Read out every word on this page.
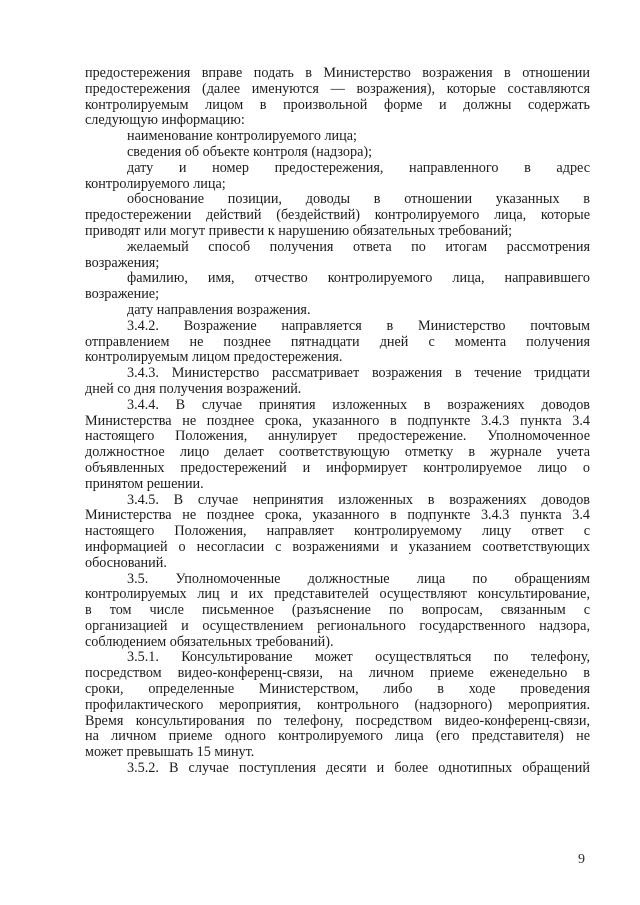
предостережения вправе подать в Министерство возражения в отношении
предостережения (далее именуются — возражения), которые составляются
контролируемым лицом в произвольной форме и должны содержать
следующую информацию:
наименование контролируемого лица;
сведения об объекте контроля (надзора);
дату и номер предостережения, направленного в адрес
контролируемого лица;
обоснование позиции, доводы в отношении указанных в
предостережении действий (бездействий) контролируемого лица, которые
приводят или могут привести к нарушению обязательных требований;
желаемый способ получения ответа по итогам рассмотрения
возражения;
фамилию, имя, отчество контролируемого лица, направившего
возражение;
дату направления возражения.
3.4.2. Возражение направляется в Министерство почтовым
отправлением не позднее пятнадцати дней с момента получения
контролируемым лицом предостережения.
3.4.3. Министерство рассматривает возражения в течение тридцати
дней со дня получения возражений.
3.4.4. В случае принятия изложенных в возражениях доводов
Министерства не позднее срока, указанного в подпункте 3.4.3 пункта 3.4
настоящего Положения, аннулирует предостережение. Уполномоченное
должностное лицо делает соответствующую отметку в журнале учета
объявленных предостережений и информирует контролируемое лицо о
принятом решении.
3.4.5. В случае непринятия изложенных в возражениях доводов
Министерства не позднее срока, указанного в подпункте 3.4.3 пункта 3.4
настоящего Положения, направляет контролируемому лицу ответ с
информацией о несогласии с возражениями и указанием соответствующих
обоснований.
3.5. Уполномоченные должностные лица по обращениям
контролируемых лиц и их представителей осуществляют консультирование,
в том числе письменное (разъяснение по вопросам, связанным с
организацией и осуществлением регионального государственного надзора,
соблюдением обязательных требований).
3.5.1. Консультирование может осуществляться по телефону,
посредством видео-конференц-связи, на личном приеме еженедельно в
сроки, определенные Министерством, либо в ходе проведения
профилактического мероприятия, контрольного (надзорного) мероприятия.
Время консультирования по телефону, посредством видео-конференц-связи,
на личном приеме одного контролируемого лица (его представителя) не
может превышать 15 минут.
3.5.2. В случае поступления десяти и более однотипных обращений
9
